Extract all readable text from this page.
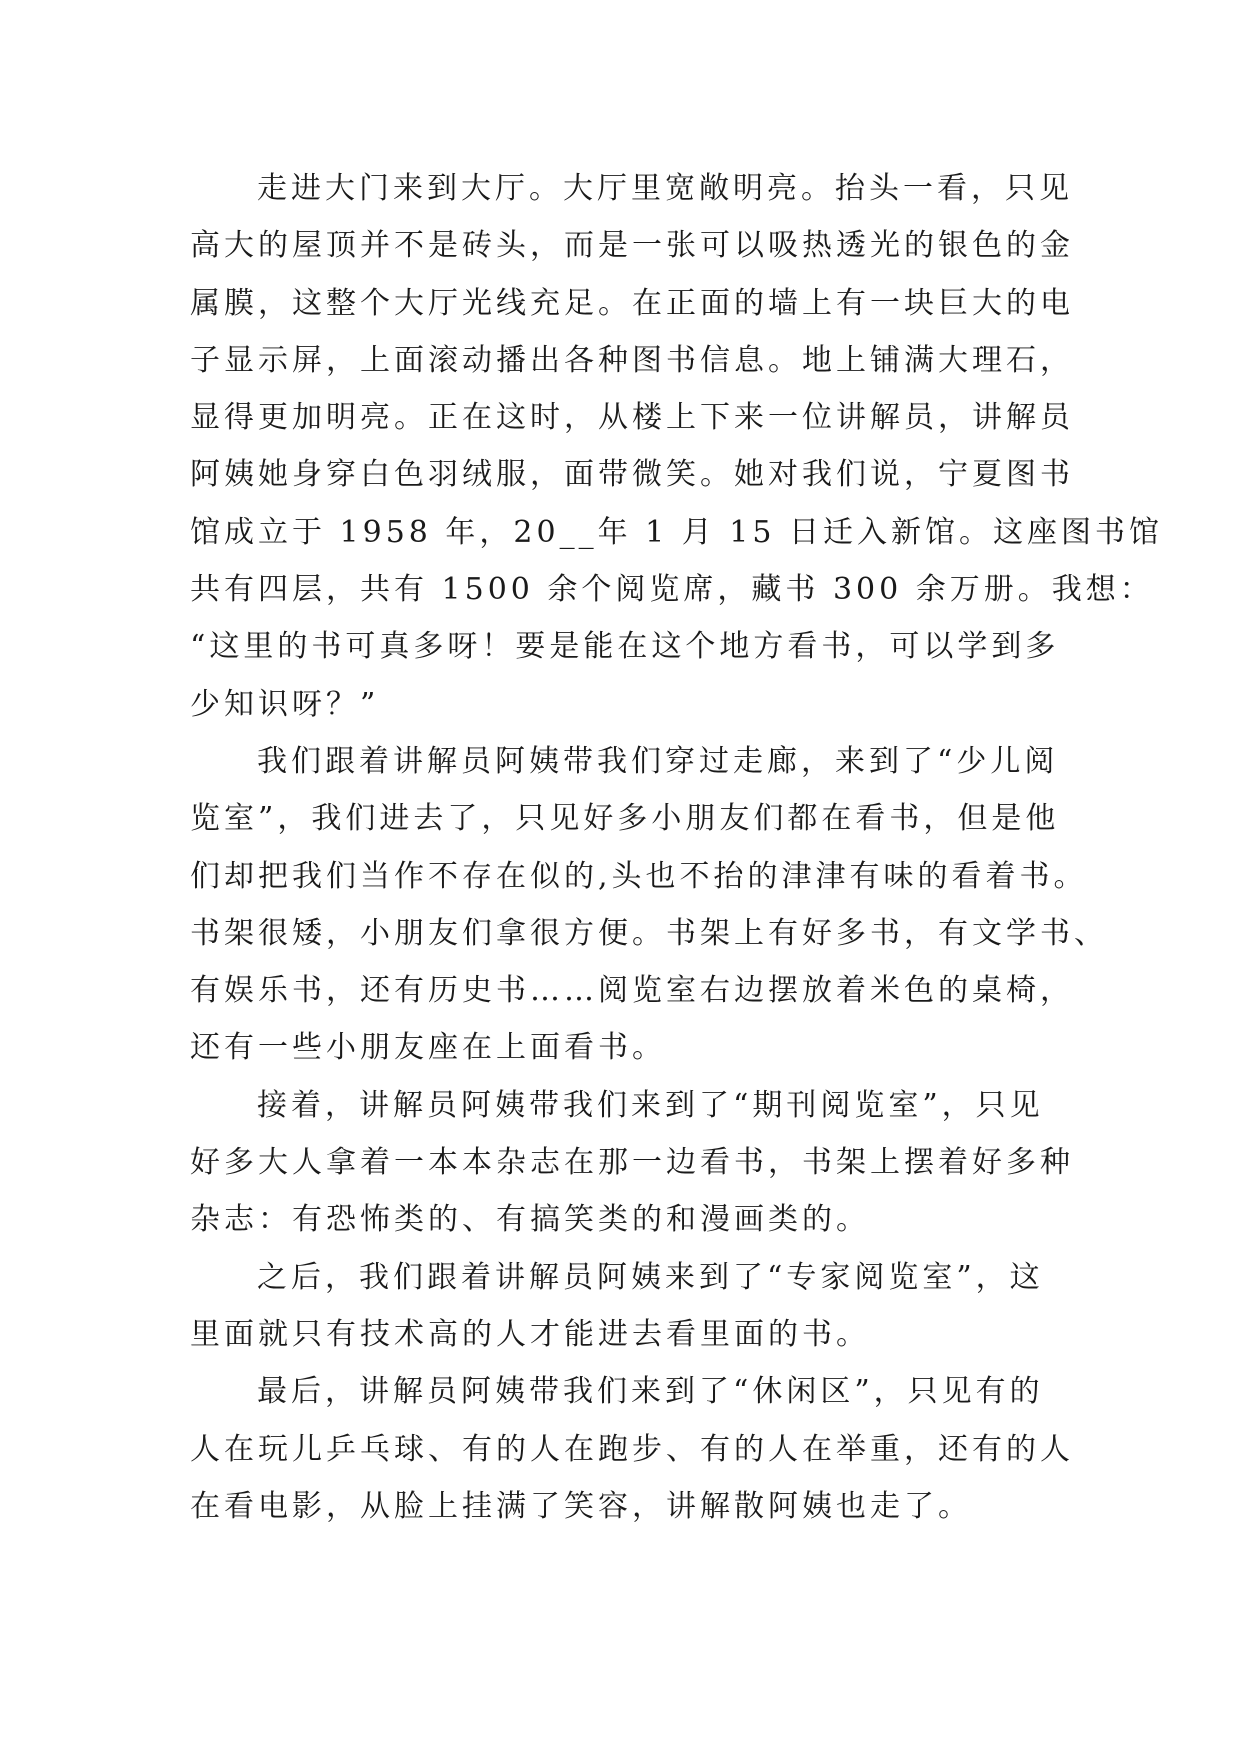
走进大门来到大厅。大厅里宽敞明亮。抬头一看，只见
高大的屋顶并不是砖头，而是一张可以吸热透光的银色的金
属膜，这整个大厅光线充足。在正面的墙上有一块巨大的电
子显示屏，上面滚动播出各种图书信息。地上铺满大理石，
显得更加明亮。正在这时，从楼上下来一位讲解员，讲解员
阿姨她身穿白色羽绒服，面带微笑。她对我们说，宁夏图书
馆成立于 1958 年，20__年 1 月 15 日迁入新馆。这座图书馆
共有四层，共有 1500 余个阅览席，藏书 300 余万册。我想：
“这里的书可真多呀！要是能在这个地方看书，可以学到多
少知识呀？”
我们跟着讲解员阿姨带我们穿过走廊，来到了“少儿阅
览室”，我们进去了，只见好多小朋友们都在看书，但是他
们却把我们当作不存在似的,头也不抬的津津有味的看着书。
书架很矮，小朋友们拿很方便。书架上有好多书，有文学书、
有娱乐书，还有历史书……阅览室右边摆放着米色的桌椅，
还有一些小朋友座在上面看书。
接着，讲解员阿姨带我们来到了“期刊阅览室”，只见
好多大人拿着一本本杂志在那一边看书，书架上摆着好多种
杂志：有恐怖类的、有搞笑类的和漫画类的。
之后，我们跟着讲解员阿姨来到了“专家阅览室”，这
里面就只有技术高的人才能进去看里面的书。
最后，讲解员阿姨带我们来到了“休闲区”，只见有的
人在玩儿乒乓球、有的人在跑步、有的人在举重，还有的人
在看电影，从脸上挂满了笑容，讲解散阿姨也走了。
